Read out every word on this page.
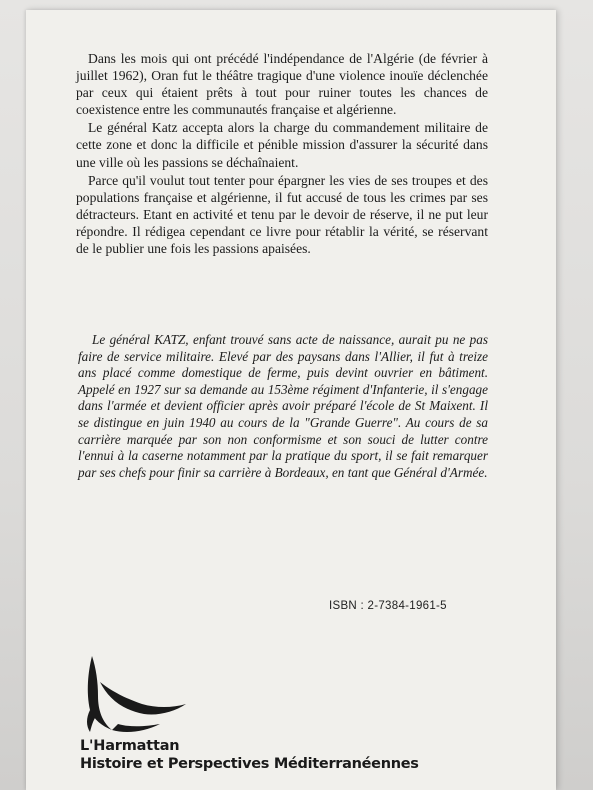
Dans les mois qui ont précédé l'indépendance de l'Algérie (de février à juillet 1962), Oran fut le théâtre tragique d'une violence inouïe déclenchée par ceux qui étaient prêts à tout pour ruiner toutes les chances de coexistence entre les communautés française et algérienne.

Le général Katz accepta alors la charge du commandement militaire de cette zone et donc la difficile et pénible mission d'assurer la sécurité dans une ville où les passions se déchaînaient.

Parce qu'il voulut tout tenter pour épargner les vies de ses troupes et des populations française et algérienne, il fut accusé de tous les crimes par ses détracteurs. Etant en activité et tenu par le devoir de réserve, il ne put leur répondre. Il rédigea cependant ce livre pour rétablir la vérité, se réservant de le publier une fois les passions apaisées.

Le général KATZ, enfant trouvé sans acte de naissance, aurait pu ne pas faire de service militaire. Elevé par des paysans dans l'Allier, il fut à treize ans placé comme domestique de ferme, puis devint ouvrier en bâtiment. Appelé en 1927 sur sa demande au 153ème régiment d'Infanterie, il s'engage dans l'armée et devient officier après avoir préparé l'école de St Maixent. Il se distingue en juin 1940 au cours de la "Grande Guerre". Au cours de sa carrière marquée par son non conformisme et son souci de lutter contre l'ennui à la caserne notamment par la pratique du sport, il se fait remarquer par ses chefs pour finir sa carrière à Bordeaux, en tant que Général d'Armée.

ISBN : 2-7384-1961-5
L'Harmattan
Histoire et Perspectives Méditerranéennes
